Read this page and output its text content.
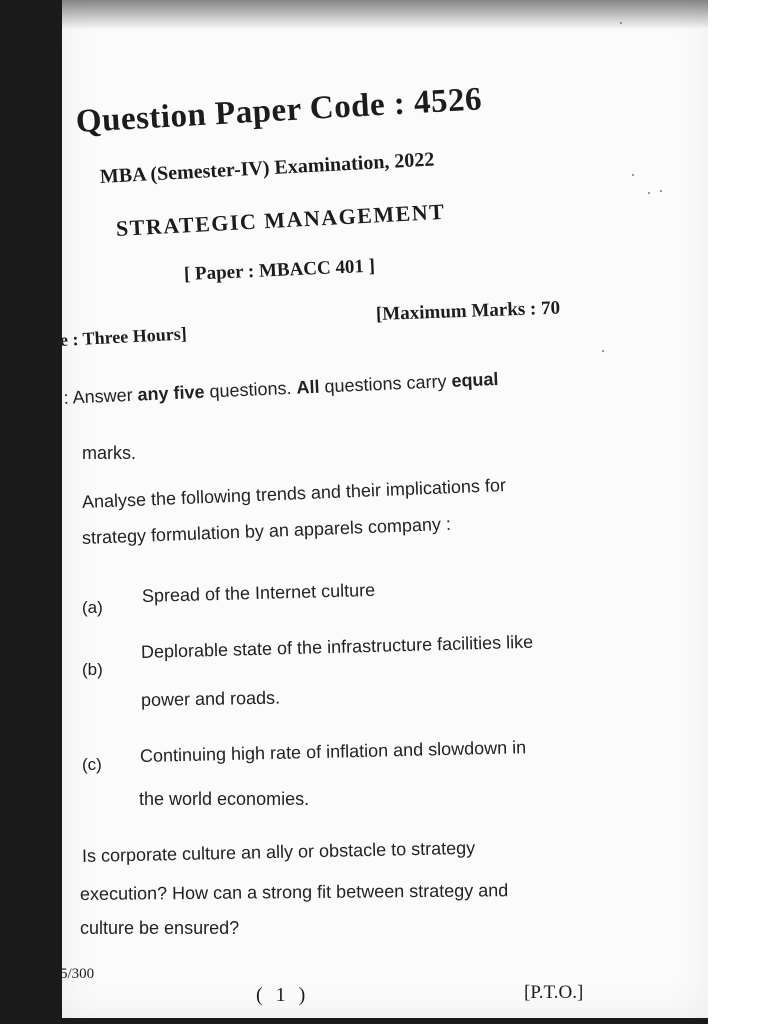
Question Paper Code : 4526
MBA (Semester-IV) Examination, 2022
STRATEGIC MANAGEMENT
[ Paper : MBACC 401 ]
e : Three Hours]
[Maximum Marks : 70
 : Answer any five questions. All questions carry equal
marks.
Analyse the following trends and their implications for
strategy formulation by an apparels company :
(a)
Spread of the Internet culture
(b)
Deplorable state of the infrastructure facilities like
power and roads.
(c) Continuing high rate of inflation and slowdown in
the world economies.
Is corporate culture an ally or obstacle to strategy
execution? How can a strong fit between strategy and
culture be ensured?
5/300
( 1 )	[P.T.O.]
